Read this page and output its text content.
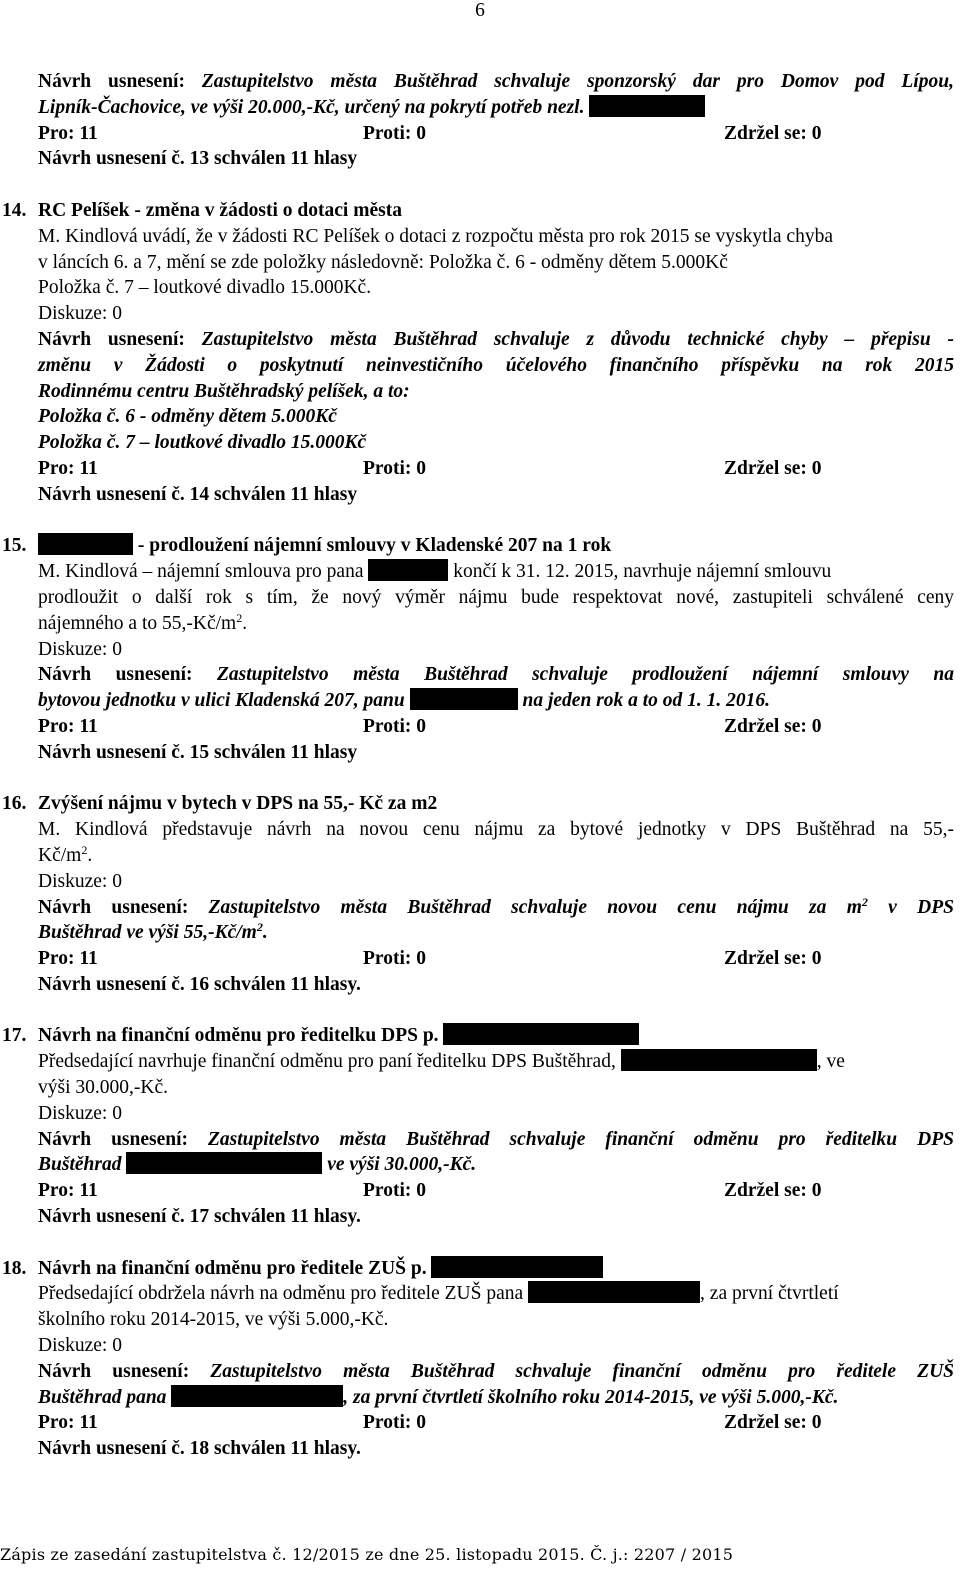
6

Návrh usnesení: Zastupitelstvo města Buštěhrad schvaluje sponzorský dar pro Domov pod Lípou,

Lipník-Čachovice, ve výši 20.000,-Kč, určený na pokrytí potřeb nezl.

Pro: 11	Proti: 0	Zdržel se: 0

Návrh usnesení č. 13 schválen 11 hlasy

14. RC Pelíšek - změna v žádosti o dotaci města

M. Kindlová uvádí, že v žádosti RC Pelíšek o dotaci z rozpočtu města pro rok 2015 se vyskytla chyba

v láncích 6. a 7, mění se zde položky následovně: Položka č. 6 - odměny dětem 5.000Kč

Položka č. 7 – loutkové divadlo 15.000Kč.

Diskuze: 0

Návrh usnesení: Zastupitelstvo města Buštěhrad schvaluje z důvodu technické chyby – přepisu -

změnu v Žádosti o poskytnutí neinvestičního účelového finančního příspěvku na rok 2015

Rodinnému centru Buštěhradský pelíšek, a to:

Položka č. 6 - odměny dětem 5.000Kč

Položka č. 7 – loutkové divadlo 15.000Kč

Pro: 11	Proti: 0	Zdržel se: 0

Návrh usnesení č. 14 schválen 11 hlasy

15.	- prodloužení nájemní smlouvy v Kladenské 207 na 1 rok

M. Kindlová – nájemní smlouva pro pana	končí k 31. 12. 2015, navrhuje nájemní smlouvu

prodloužit o další rok s tím, že nový výměr nájmu bude respektovat nové, zastupiteli schválené ceny

nájemného a to $55,-Kč/m^2$.

Diskuze: 0

Návrh usnesení: Zastupitelstvo města Buštěhrad schvaluje prodloužení nájemní smlouvy na

bytovou jednotku v ulici Kladenská 207, panu	na jeden rok a to od 1. 1. 2016.

Pro: 11	Proti: 0	Zdržel se: 0

Návrh usnesení č. 15 schválen 11 hlasy

16. Zvýšení nájmu v bytech v DPS na 55,- Kč za m2

M. Kindlová představuje návrh na novou cenu nájmu za bytové jednotky v DPS Buštěhrad na 55,-

$Kč/m^2$.

Diskuze: 0

Návrh usnesení: Zastupitelstvo města Buštěhrad schvaluje novou cenu nájmu za $m^2$ v DPS

Buštěhrad ve výši $55,-Kč/m^2$.

Pro: 11	Proti: 0	Zdržel se: 0

Návrh usnesení č. 16 schválen 11 hlasy.

17. Návrh na finanční odměnu pro ředitelku DPS p.

Předsedající navrhuje finanční odměnu pro paní ředitelku DPS Buštěhrad,	, ve

výši 30.000,-Kč.

Diskuze: 0

Návrh usnesení: Zastupitelstvo města Buštěhrad schvaluje finanční odměnu pro ředitelku DPS

Buštěhrad	ve výši 30.000,-Kč.

Pro: 11	Proti: 0	Zdržel se: 0

Návrh usnesení č. 17 schválen 11 hlasy.

18. Návrh na finanční odměnu pro ředitele ZUŠ p.

Předsedající obdržela návrh na odměnu pro ředitele ZUŠ pana	, za první čtvrtletí

školního roku 2014-2015, ve výši 5.000,-Kč.

Diskuze: 0

Návrh usnesení: Zastupitelstvo města Buštěhrad schvaluje finanční odměnu pro ředitele ZUŠ

Buštěhrad pana	, za první čtvrtletí školního roku 2014-2015, ve výši 5.000,-Kč.

Pro: 11	Proti: 0	Zdržel se: 0

Návrh usnesení č. 18 schválen 11 hlasy.

Zápis ze zasedání zastupitelstva č. 12/2015 ze dne 25. listopadu 2015. Č. j.: 2207 / 2015
